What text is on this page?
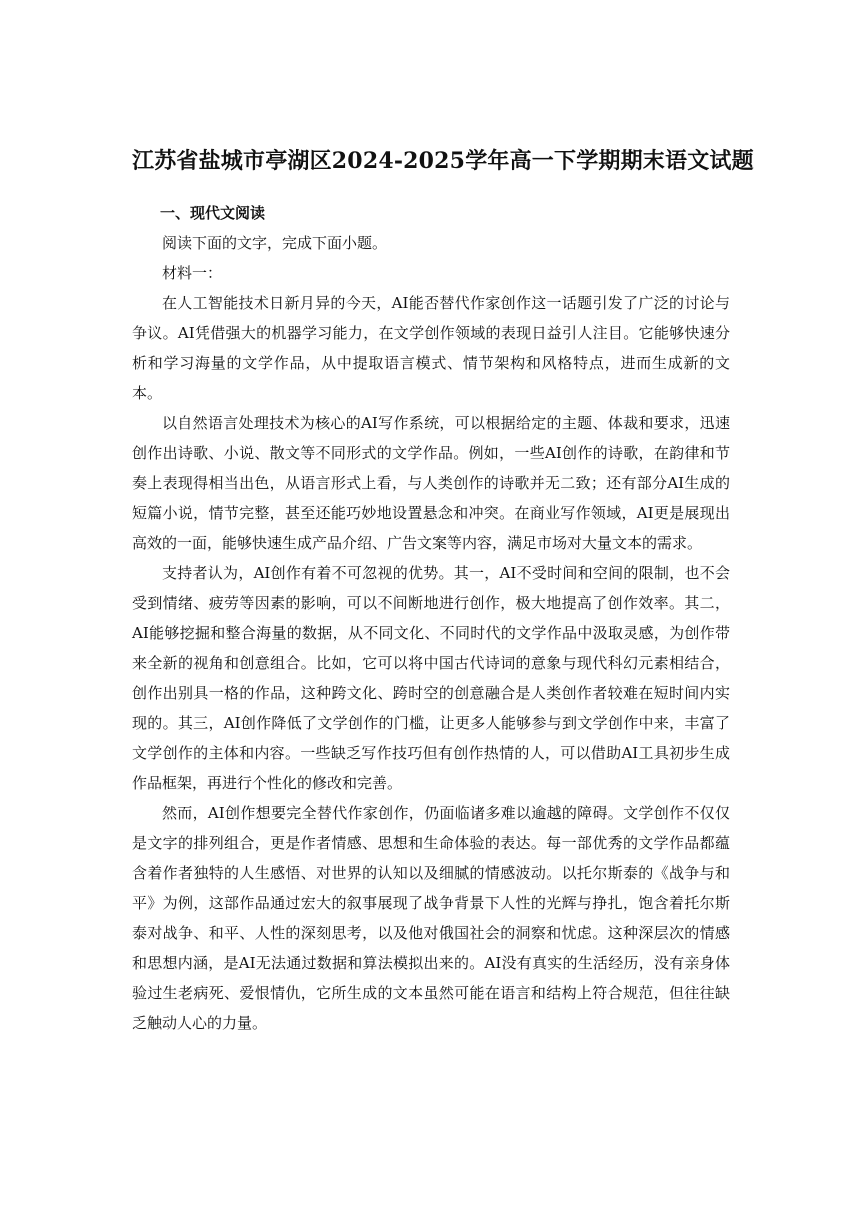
江苏省盐城市亭湖区2024-2025学年高一下学期期末语文试题

一、现代文阅读

阅读下面的文字，完成下面小题。

材料一：

在人工智能技术日新月异的今天，AI能否替代作家创作这一话题引发了广泛的讨论与争议。AI凭借强大的机器学习能力，在文学创作领域的表现日益引人注目。它能够快速分析和学习海量的文学作品，从中提取语言模式、情节架构和风格特点，进而生成新的文本。

以自然语言处理技术为核心的AI写作系统，可以根据给定的主题、体裁和要求，迅速创作出诗歌、小说、散文等不同形式的文学作品。例如，一些AI创作的诗歌，在韵律和节奏上表现得相当出色，从语言形式上看，与人类创作的诗歌并无二致；还有部分AI生成的短篇小说，情节完整，甚至还能巧妙地设置悬念和冲突。在商业写作领域，AI更是展现出高效的一面，能够快速生成产品介绍、广告文案等内容，满足市场对大量文本的需求。

支持者认为，AI创作有着不可忽视的优势。其一，AI不受时间和空间的限制，也不会受到情绪、疲劳等因素的影响，可以不间断地进行创作，极大地提高了创作效率。其二，AI能够挖掘和整合海量的数据，从不同文化、不同时代的文学作品中汲取灵感，为创作带来全新的视角和创意组合。比如，它可以将中国古代诗词的意象与现代科幻元素相结合，创作出别具一格的作品，这种跨文化、跨时空的创意融合是人类创作者较难在短时间内实现的。其三，AI创作降低了文学创作的门槛，让更多人能够参与到文学创作中来，丰富了文学创作的主体和内容。一些缺乏写作技巧但有创作热情的人，可以借助AI工具初步生成作品框架，再进行个性化的修改和完善。

然而，AI创作想要完全替代作家创作，仍面临诸多难以逾越的障碍。文学创作不仅仅是文字的排列组合，更是作者情感、思想和生命体验的表达。每一部优秀的文学作品都蕴含着作者独特的人生感悟、对世界的认知以及细腻的情感波动。以托尔斯泰的《战争与和平》为例，这部作品通过宏大的叙事展现了战争背景下人性的光辉与挣扎，饱含着托尔斯泰对战争、和平、人性的深刻思考，以及他对俄国社会的洞察和忧虑。这种深层次的情感和思想内涵，是AI无法通过数据和算法模拟出来的。AI没有真实的生活经历，没有亲身体验过生老病死、爱恨情仇，它所生成的文本虽然可能在语言和结构上符合规范，但往往缺乏触动人心的力量。
